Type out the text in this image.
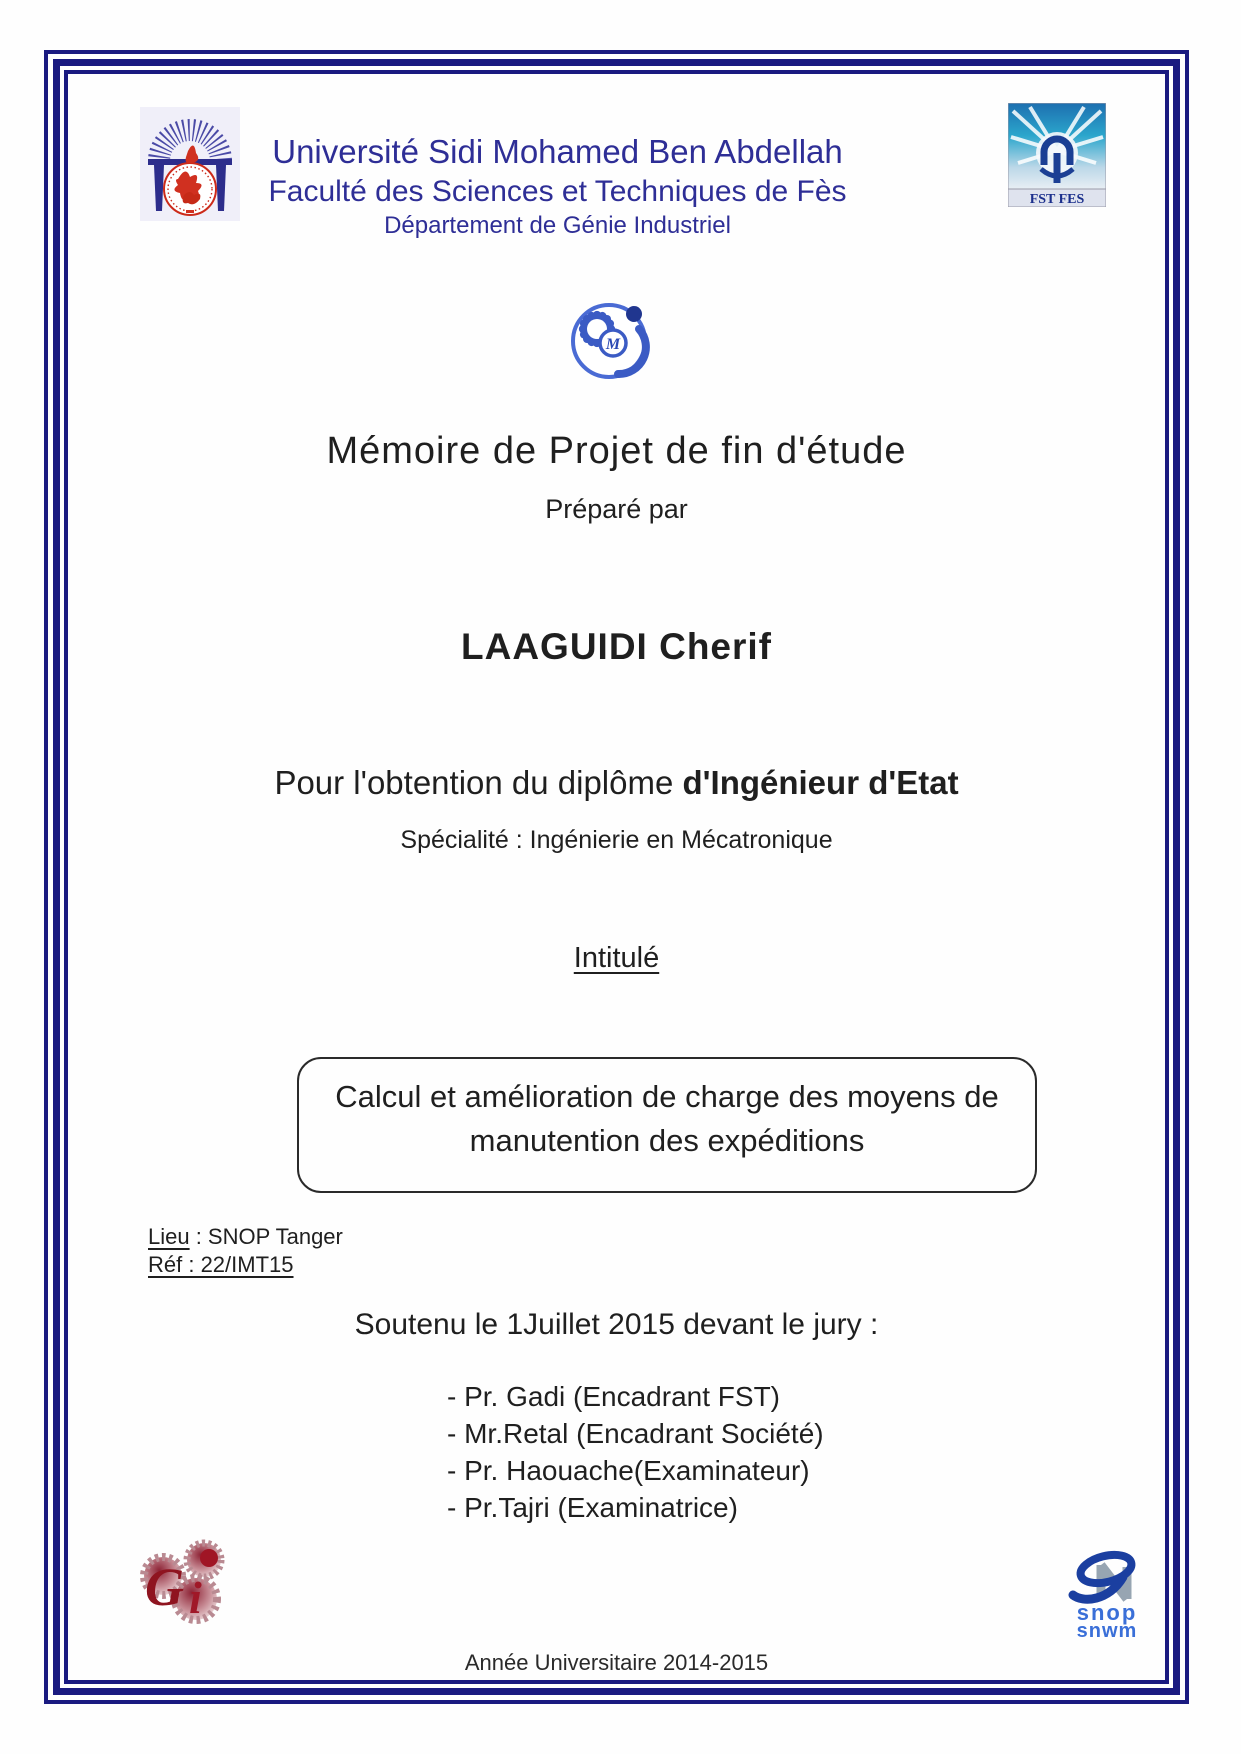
Université Sidi Mohamed Ben Abdellah
Faculté des Sciences et Techniques de Fès
Département de Génie Industriel
FST FES
M
Mémoire de Projet de fin d'étude
Préparé par
LAAGUIDI Cherif
Pour l'obtention du diplôme d'Ingénieur d'Etat
Spécialité : Ingénierie en Mécatronique
Intitulé
Calcul et amélioration de charge des moyens de manutention des expéditions
Lieu : SNOP Tanger
Réf : 22/IMT15
Soutenu le 1Juillet 2015 devant le jury :
- Pr. Gadi (Encadrant FST)
- Mr.Retal (Encadrant Société)
- Pr. Haouache(Examinateur)
- Pr.Tajri (Examinatrice)
G i	snop
snwm
Année Universitaire 2014-2015
